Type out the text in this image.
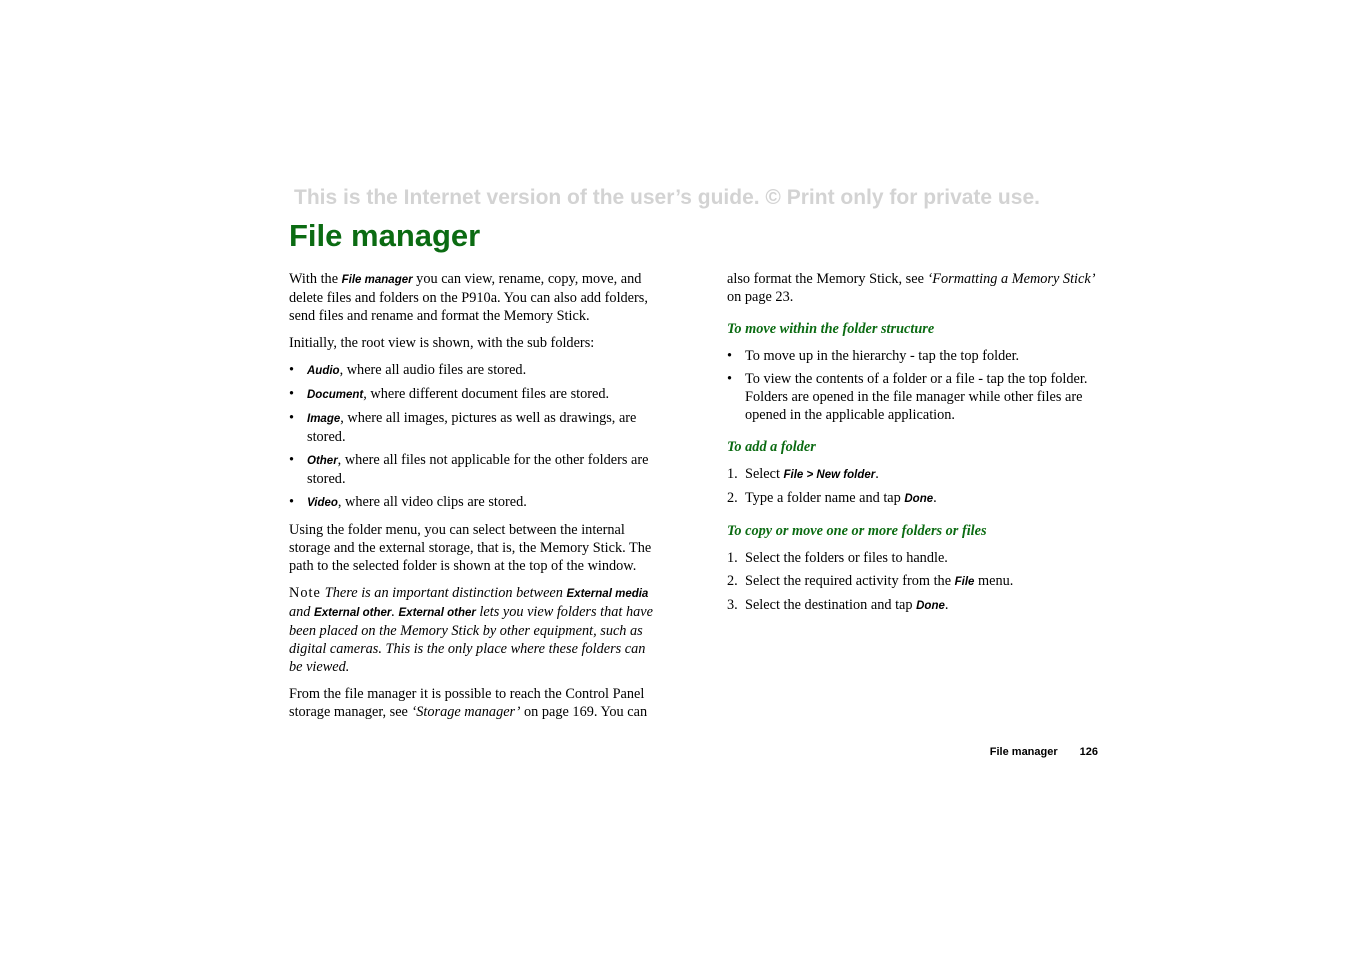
This is the Internet version of the user’s guide. © Print only for private use.
File manager

With the File manager you can view, rename, copy, move, and delete files and folders on the P910a. You can also add folders, send files and rename and format the Memory Stick.

Initially, the root view is shown, with the sub folders:

• Audio, where all audio files are stored.
• Document, where different document files are stored.
• Image, where all images, pictures as well as drawings, are stored.
• Other, where all files not applicable for the other folders are stored.
• Video, where all video clips are stored.

Using the folder menu, you can select between the internal storage and the external storage, that is, the Memory Stick. The path to the selected folder is shown at the top of the window.

Note There is an important distinction between External media and External other. External other lets you view folders that have been placed on the Memory Stick by other equipment, such as digital cameras. This is the only place where these folders can be viewed.

From the file manager it is possible to reach the Control Panel storage manager, see ‘Storage manager’ on page 169. You can

also format the Memory Stick, see ‘Formatting a Memory Stick’ on page 23.

To move within the folder structure
• To move up in the hierarchy - tap the top folder.
• To view the contents of a folder or a file - tap the top folder. Folders are opened in the file manager while other files are opened in the applicable application.
To add a folder
1. Select File > New folder.
2. Type a folder name and tap Done.
To copy or move one or more folders or files
1. Select the folders or files to handle.
2. Select the required activity from the File menu.
3. Select the destination and tap Done.
File manager 126
